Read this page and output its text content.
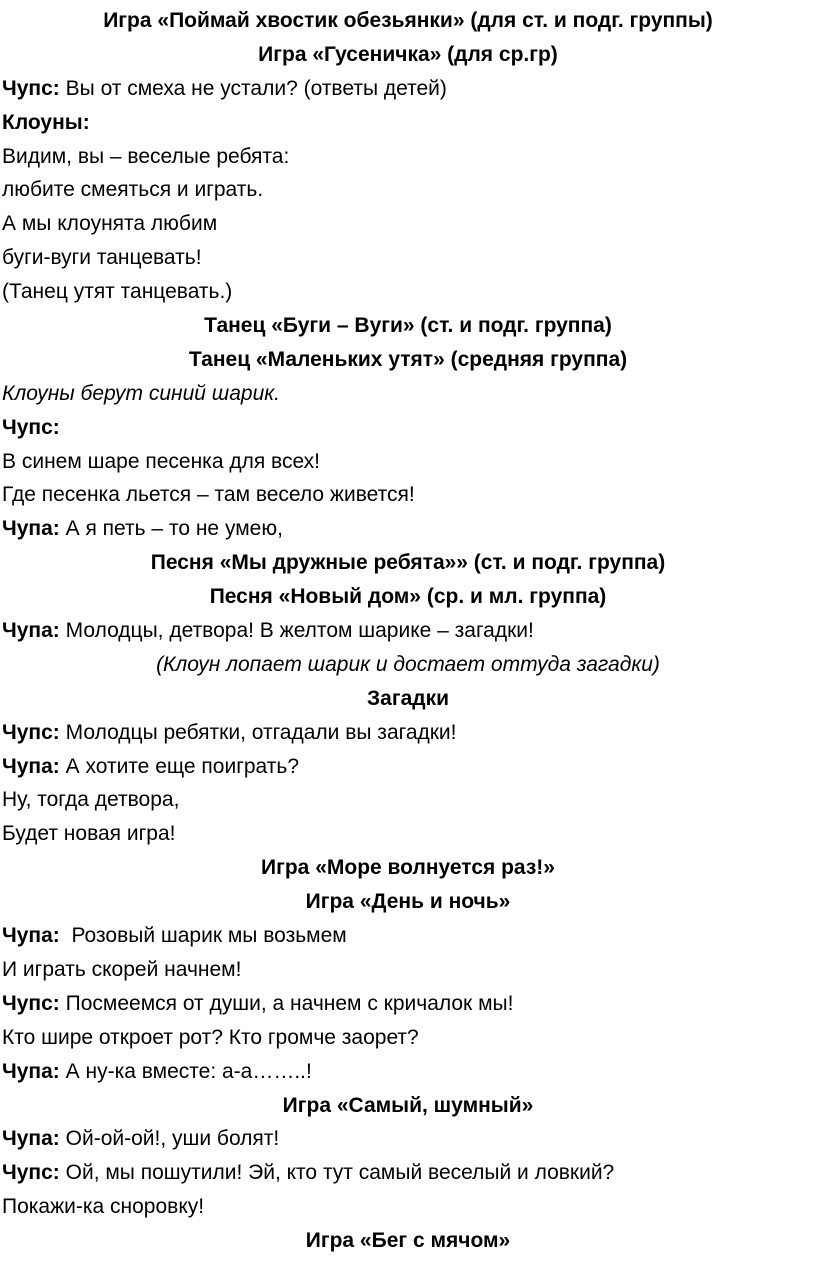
Игра «Поймай хвостик обезьянки» (для ст. и подг. группы)
Игра «Гусеничка» (для ср.гр)
Чупс: Вы от смеха не устали? (ответы детей)
Клоуны:
Видим, вы – веселые ребята:
любите смеяться и играть.
А мы клоунята любим
буги-вуги танцевать!
(Танец утят танцевать.)
Танец «Буги – Вуги» (ст. и подг. группа)
Танец «Маленьких утят» (средняя группа)
Клоуны берут синий шарик.
Чупс:
В синем шаре песенка для всех!
Где песенка льется – там весело живется!
Чупа: А я петь – то не умею,
Песня «Мы дружные ребята»» (ст. и подг. группа)
Песня «Новый дом» (ср. и мл. группа)
Чупа: Молодцы, детвора! В желтом шарике – загадки!
(Клоун лопает шарик и достает оттуда загадки)
Загадки
Чупс: Молодцы ребятки, отгадали вы загадки!
Чупа: А хотите еще поиграть?
Ну, тогда детвора,
Будет новая игра!
Игра «Море волнуется раз!»
Игра «День и ночь»
Чупа:  Розовый шарик мы возьмем
И играть скорей начнем!
Чупс: Посмеемся от души, а начнем с кричалок мы!
Кто шире откроет рот? Кто громче заорет?
Чупа: А ну-ка вместе: а-а……..!
Игра «Самый, шумный»
Чупа: Ой-ой-ой!, уши болят!
Чупс: Ой, мы пошутили! Эй, кто тут самый веселый и ловкий?
Покажи-ка сноровку!
Игра «Бег с мячом»
